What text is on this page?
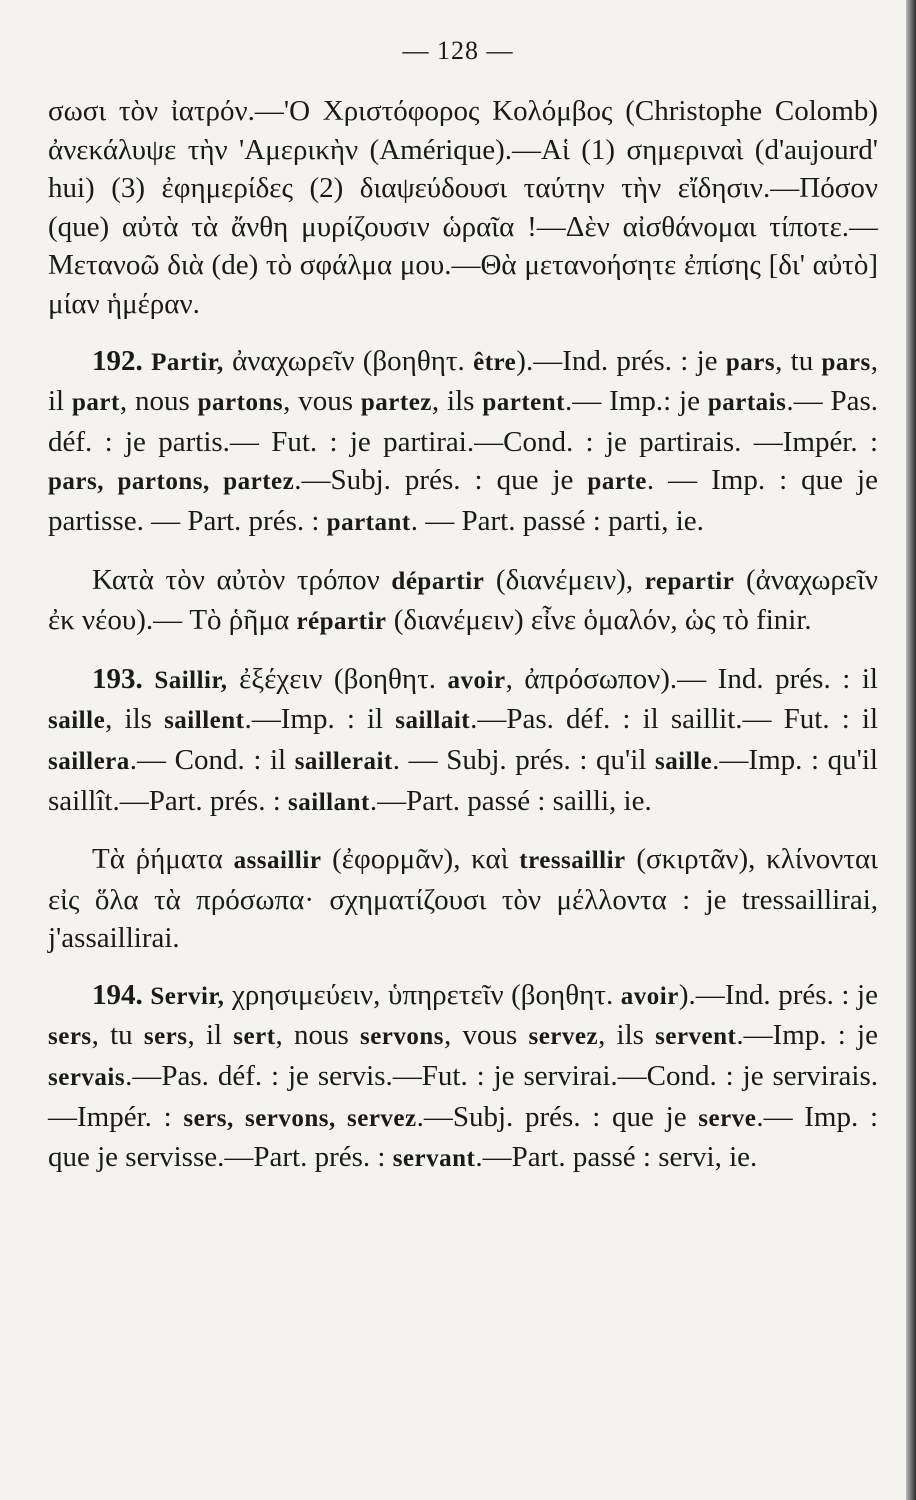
— 128 —

σωσι τὸν ἰατρόν.—'Ο Χριστόφορος Κολόμβος (Christophe Colomb) ἀνεκάλυψε τὴν 'Αμερικὴν (Amérique).—Αἱ (1) σημεριναὶ (d'aujourd' hui) (3) ἐφημερίδες (2) διαψεύδουσι ταύτην τὴν εἴδησιν.—Πόσον (que) αὐτὰ τὰ ἄνθη μυρίζουσιν ὡραῖα !—Δὲν αἰσθάνομαι τίποτε.—Μετανοῶ διὰ (de) τὸ σφάλμα μου.—Θὰ μετανοήσητε ἐπίσης [δι' αὐτὸ] μίαν ἡμέραν.

192. Partir, ἀναχωρεῖν (βοηθητ. être).—Ind. prés. : je pars, tu pars, il part, nous partons, vous partez, ils partent.— Imp.: je partais.— Pas. déf. : je partis.— Fut. : je partirai.—Cond. : je partirais. —Impér. : pars, partons, partez.—Subj. prés. : que je parte. — Imp. : que je partisse. — Part. prés. : partant. — Part. passé : parti, ie.

Κατὰ τὸν αὐτὸν τρόπον départir (διανέμειν), repartir (ἀναχωρεῖν ἐκ νέου).— Τὸ ῥῆμα répartir (διανέμειν) εἶνε ὁμαλόν, ὡς τὸ finir.

193. Saillir, ἐξέχειν (βοηθητ. avoir, ἀπρόσωπον).— Ind. prés. : il saille, ils saillent.—Imp. : il saillait.—Pas. déf. : il saillit.— Fut. : il saillera.— Cond. : il saillerait. — Subj. prés. : qu'il saille.—Imp. : qu'il saillît.—Part. prés. : saillant.—Part. passé : sailli, ie.

Τὰ ῥήματα assaillir (ἐφορμᾶν), καὶ tressaillir (σκιρτᾶν), κλίνονται εἰς ὅλα τὰ πρόσωπα· σχηματίζουσι τὸν μέλλοντα : je tressaillirai, j'assaillirai.

194. Servir, χρησιμεύειν, ὑπηρετεῖν (βοηθητ. avoir).—Ind. prés. : je sers, tu sers, il sert, nous servons, vous servez, ils servent.—Imp. : je servais.—Pas. déf. : je servis.—Fut. : je servirai.—Cond. : je servirais.—Impér. : sers, servons, servez.—Subj. prés. : que je serve.— Imp. : que je servisse.—Part. prés. : servant.—Part. passé : servi, ie.
